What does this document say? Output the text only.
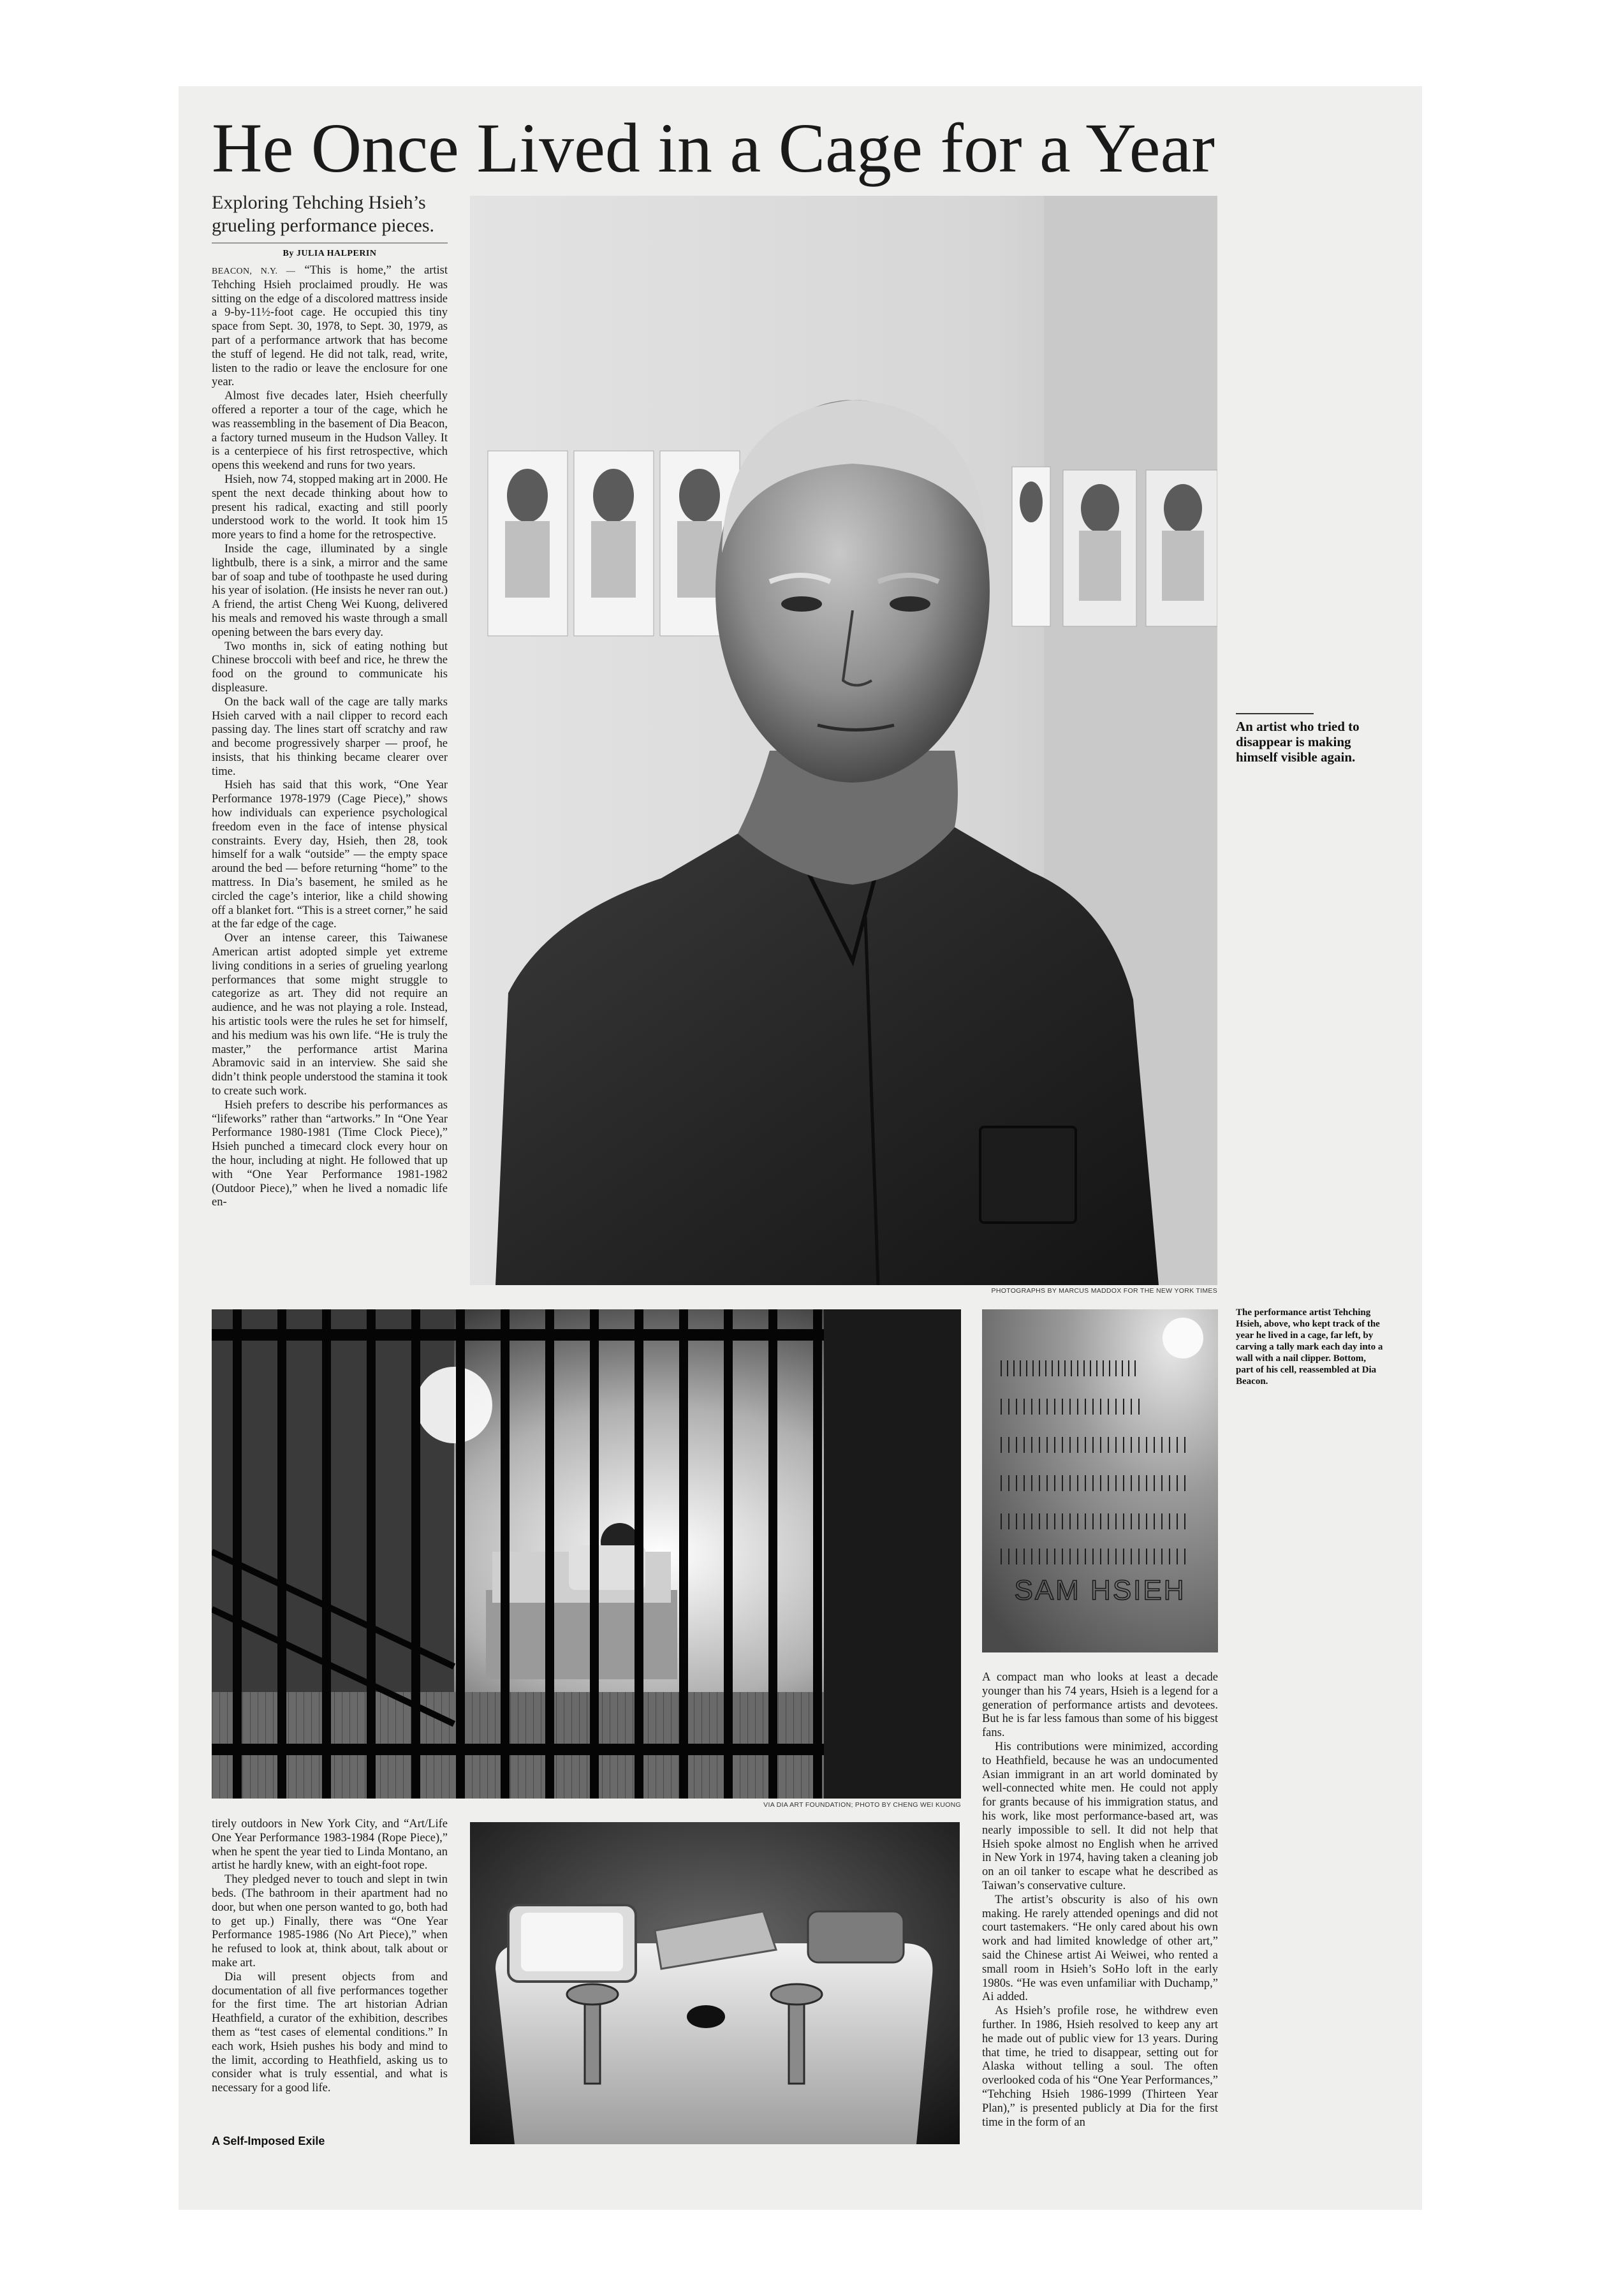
He Once Lived in a Cage for a Year
Exploring Tehching Hsieh’s grueling performance pieces.
By JULIA HALPERIN

BEACON, N.Y. — “This is home,” the artist Tehching Hsieh proclaimed proudly. He was sitting on the edge of a discolored mattress inside a 9-by-11½-foot cage. He occupied this tiny space from Sept. 30, 1978, to Sept. 30, 1979, as part of a performance artwork that has become the stuff of legend. He did not talk, read, write, listen to the radio or leave the enclosure for one year.

Almost five decades later, Hsieh cheerfully offered a reporter a tour of the cage, which he was reassembling in the basement of Dia Beacon, a factory turned museum in the Hudson Valley. It is a centerpiece of his first retrospective, which opens this weekend and runs for two years.

Hsieh, now 74, stopped making art in 2000. He spent the next decade thinking about how to present his radical, exacting and still poorly understood work to the world. It took him 15 more years to find a home for the retrospective.

Inside the cage, illuminated by a single lightbulb, there is a sink, a mirror and the same bar of soap and tube of toothpaste he used during his year of isolation. (He insists he never ran out.) A friend, the artist Cheng Wei Kuong, delivered his meals and removed his waste through a small opening between the bars every day.

Two months in, sick of eating nothing but Chinese broccoli with beef and rice, he threw the food on the ground to communicate his displeasure.

On the back wall of the cage are tally marks Hsieh carved with a nail clipper to record each passing day. The lines start off scratchy and raw and become progressively sharper — proof, he insists, that his thinking became clearer over time.

Hsieh has said that this work, “One Year Performance 1978-1979 (Cage Piece),” shows how individuals can experience psychological freedom even in the face of intense physical constraints. Every day, Hsieh, then 28, took himself for a walk “outside” — the empty space around the bed — before returning “home” to the mattress. In Dia’s basement, he smiled as he circled the cage’s interior, like a child showing off a blanket fort. “This is a street corner,” he said at the far edge of the cage.

Over an intense career, this Taiwanese American artist adopted simple yet extreme living conditions in a series of grueling yearlong performances that some might struggle to categorize as art. They did not require an audience, and he was not playing a role. Instead, his artistic tools were the rules he set for himself, and his medium was his own life. “He is truly the master,” the performance artist Marina Abramovic said in an interview. She said she didn’t think people understood the stamina it took to create such work.

Hsieh prefers to describe his performances as “lifeworks” rather than “artworks.” In “One Year Performance 1980-1981 (Time Clock Piece),” Hsieh punched a timecard clock every hour on the hour, including at night. He followed that up with “One Year Performance 1981-1982 (Outdoor Piece),” when he lived a nomadic life en-

PHOTOGRAPHS BY MARCUS MADDOX FOR THE NEW YORK TIMES
An artist who tried to disappear is making himself visible again.
VIA DIA ART FOUNDATION; PHOTO BY CHENG WEI KUONG
SAM HSIEH
The performance artist Tehching Hsieh, above, who kept track of the year he lived in a cage, far left, by carving a tally mark each day into a wall with a nail clipper. Bottom, part of his cell, reassembled at Dia Beacon.

A compact man who looks at least a decade younger than his 74 years, Hsieh is a legend for a generation of performance artists and devotees. But he is far less famous than some of his biggest fans.

His contributions were minimized, according to Heathfield, because he was an undocumented Asian immigrant in an art world dominated by well-connected white men. He could not apply for grants because of his immigration status, and his work, like most performance-based art, was nearly impossible to sell. It did not help that Hsieh spoke almost no English when he arrived in New York in 1974, having taken a cleaning job on an oil tanker to escape what he described as Taiwan’s conservative culture.

The artist’s obscurity is also of his own making. He rarely attended openings and did not court tastemakers. “He only cared about his own work and had limited knowledge of other art,” said the Chinese artist Ai Weiwei, who rented a small room in Hsieh’s SoHo loft in the early 1980s. “He was even unfamiliar with Duchamp,” Ai added.

As Hsieh’s profile rose, he withdrew even further. In 1986, Hsieh resolved to keep any art he made out of public view for 13 years. During that time, he tried to disappear, setting out for Alaska without telling a soul. The often overlooked coda of his “One Year Performances,” “Tehching Hsieh 1986-1999 (Thirteen Year Plan),” is presented publicly at Dia for the first time in the form of an

tirely outdoors in New York City, and “Art/Life One Year Performance 1983-1984 (Rope Piece),” when he spent the year tied to Linda Montano, an artist he hardly knew, with an eight-foot rope.

They pledged never to touch and slept in twin beds. (The bathroom in their apartment had no door, but when one person wanted to go, both had to get up.) Finally, there was “One Year Performance 1985-1986 (No Art Piece),” when he refused to look at, think about, talk about or make art.

Dia will present objects from and documentation of all five performances together for the first time. The art historian Adrian Heathfield, a curator of the exhibition, describes them as “test cases of elemental conditions.” In each work, Hsieh pushes his body and mind to the limit, according to Heathfield, asking us to consider what is truly essential, and what is necessary for a good life.

A Self-Imposed Exile
